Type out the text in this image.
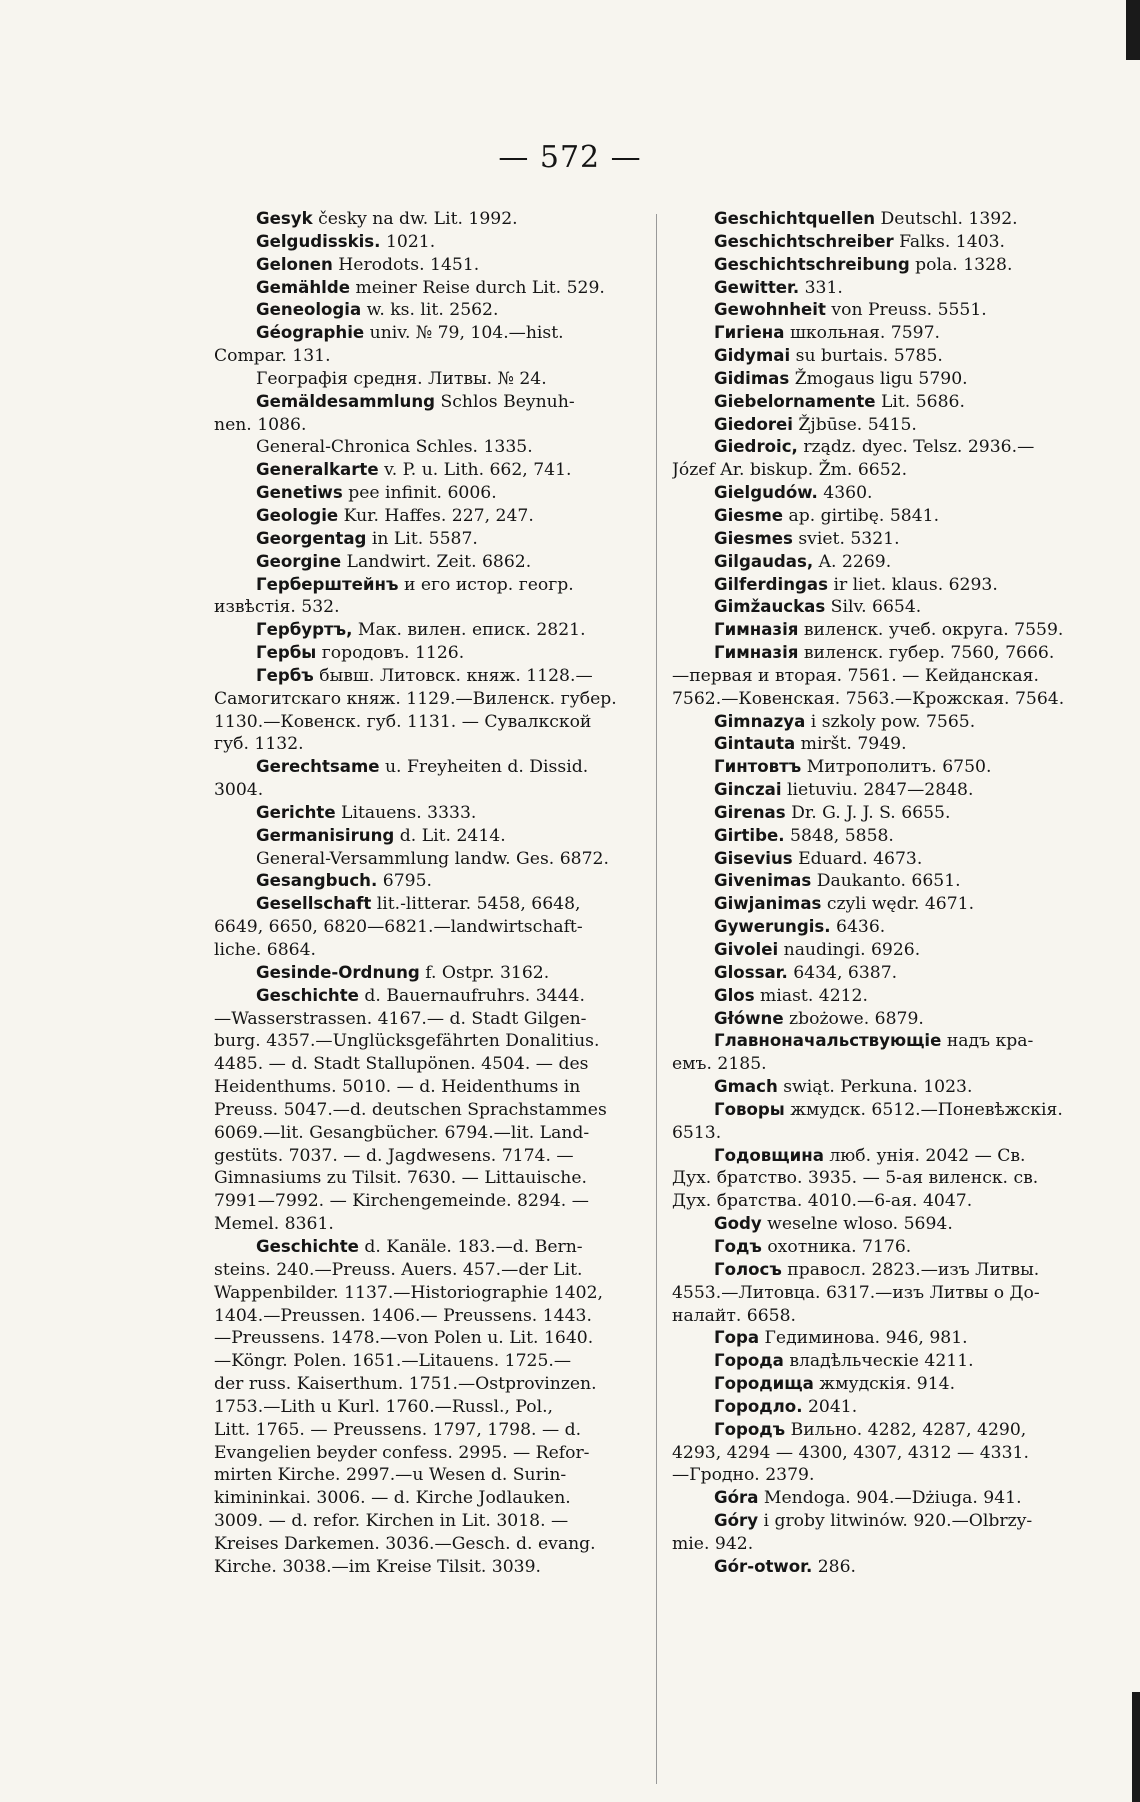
— 572 —
Gesyk česky na dw. Lit. 1992.
Gelgudisskis. 1021.
Gelonen Herodots. 1451.
Gemählde meiner Reise durch Lit. 529.
Geneologia w. ks. lit. 2562.
Géographie univ. № 79, 104.—hist.
Compar. 131.
Географія средня. Литвы. № 24.
Gemäldesammlung Schlos Beynuh-
nen. 1086.
General-Chronica Schles. 1335.
Generalkarte v. P. u. Lith. 662, 741.
Genetiws pee infinit. 6006.
Geologie Kur. Haffes. 227, 247.
Georgentag in Lit. 5587.
Georgine Landwirt. Zeit. 6862.
Герберштейнъ и его истор. геогр.
извѣстія. 532.
Гербуртъ, Мак. вилен. епиcк. 2821.
Гербы городовъ. 1126.
Гербъ бывш. Литовск. княж. 1128.—
Самогитскаго княж. 1129.—Виленск. губер.
1130.—Ковенск. губ. 1131. — Сувалкской
губ. 1132.
Gerechtsame u. Freyheiten d. Dissid.
3004.
Gerichte Litauens. 3333.
Germanisirung d. Lit. 2414.
General-Versammlung landw. Ges. 6872.
Gesangbuch. 6795.
Gesellschaft lit.-litterar. 5458, 6648,
6649, 6650, 6820—6821.—landwirtschaft-
liche. 6864.
Gesinde-Ordnung f. Ostpr. 3162.
Geschichte d. Bauernaufruhrs. 3444.
—Wasserstrassen. 4167.— d. Stadt Gilgen-
burg. 4357.—Unglücksgefährten Donalitius.
4485. — d. Stadt Stallupönen. 4504. — des
Heidenthums. 5010. — d. Heidenthums in
Preuss. 5047.—d. deutschen Sprachstammes
6069.—lit. Gesangbücher. 6794.—lit. Land-
gestüts. 7037. — d. Jagdwesens. 7174. —
Gimnasiums zu Tilsit. 7630. — Littauische.
7991—7992. — Kirchengemeinde. 8294. —
Memel. 8361.
Geschichte d. Kanäle. 183.—d. Bern-
steins. 240.—Preuss. Auers. 457.—der Lit.
Wappenbilder. 1137.—Historiographie 1402,
1404.—Preussen. 1406.— Preussens. 1443.
—Preussens. 1478.—von Polen u. Lit. 1640.
—Köngr. Polen. 1651.—Litauens. 1725.—
der russ. Kaiserthum. 1751.—Ostprovinzen.
1753.—Lith u Kurl. 1760.—Russl., Pol.,
Litt. 1765. — Preussens. 1797, 1798. — d.
Evangelien beyder confess. 2995. — Refor-
mirten Kirche. 2997.—u Wesen d. Surin-
kimininkai. 3006. — d. Kirche Jodlauken.
3009. — d. refor. Kirchen in Lit. 3018. —
Kreises Darkemen. 3036.—Gesch. d. evang.
Kirche. 3038.—im Kreise Tilsit. 3039.
Geschichtquellen Deutschl. 1392.
Geschichtschreiber Falks. 1403.
Geschichtschreibung pola. 1328.
Gewitter. 331.
Gewohnheit von Preuss. 5551.
Гигіена школьная. 7597.
Gidymai su burtais. 5785.
Gidimas Žmogaus ligu 5790.
Giebelornamente Lit. 5686.
Giedorei Žjbūse. 5415.
Giedroic, rządz. dyec. Telsz. 2936.—
Józef Ar. biskup. Žm. 6652.
Gielgudów. 4360.
Giesme ap. girtibę. 5841.
Giesmes sviet. 5321.
Gilgaudas, A. 2269.
Gilferdingas ir liet. klaus. 6293.
Gimžauckas Silv. 6654.
Гимназія виленск. учеб. округа. 7559.
Гимназія виленск. губер. 7560, 7666.
—первая и вторая. 7561. — Кейданская.
7562.—Ковенская. 7563.—Крожская. 7564.
Gimnazya i szkoly pow. 7565.
Gintauta miršt. 7949.
Гинтовтъ Митрополитъ. 6750.
Ginczai lietuviu. 2847—2848.
Girenas Dr. G. J. J. S. 6655.
Girtibe. 5848, 5858.
Gisevius Eduard. 4673.
Givenimas Daukanto. 6651.
Giwjanimas czyli wędr. 4671.
Gywerungis. 6436.
Givolei naudingi. 6926.
Glossar. 6434, 6387.
Glos miast. 4212.
Główne zbożowe. 6879.
Главноначальствующіе надъ кра-
емъ. 2185.
Gmach swiąt. Perkuna. 1023.
Говоры жмудск. 6512.—Поневѣжскія.
6513.
Годовщина люб. унія. 2042 — Св.
Дух. братство. 3935. — 5-ая виленск. св.
Дух. братства. 4010.—6-ая. 4047.
Gody weselne wloso. 5694.
Годъ охотника. 7176.
Голосъ правосл. 2823.—изъ Литвы.
4553.—Литовца. 6317.—изъ Литвы о До-
налайт. 6658.
Гора Гедиминова. 946, 981.
Города владѣльческіе 4211.
Городища жмудскія. 914.
Городло. 2041.
Городъ Вильно. 4282, 4287, 4290,
4293, 4294 — 4300, 4307, 4312 — 4331.
—Гродно. 2379.
Góra Mendoga. 904.—Dżiuga. 941.
Góry i groby litwinów. 920.—Olbrzy-
mie. 942.
Gór-otwor. 286.
